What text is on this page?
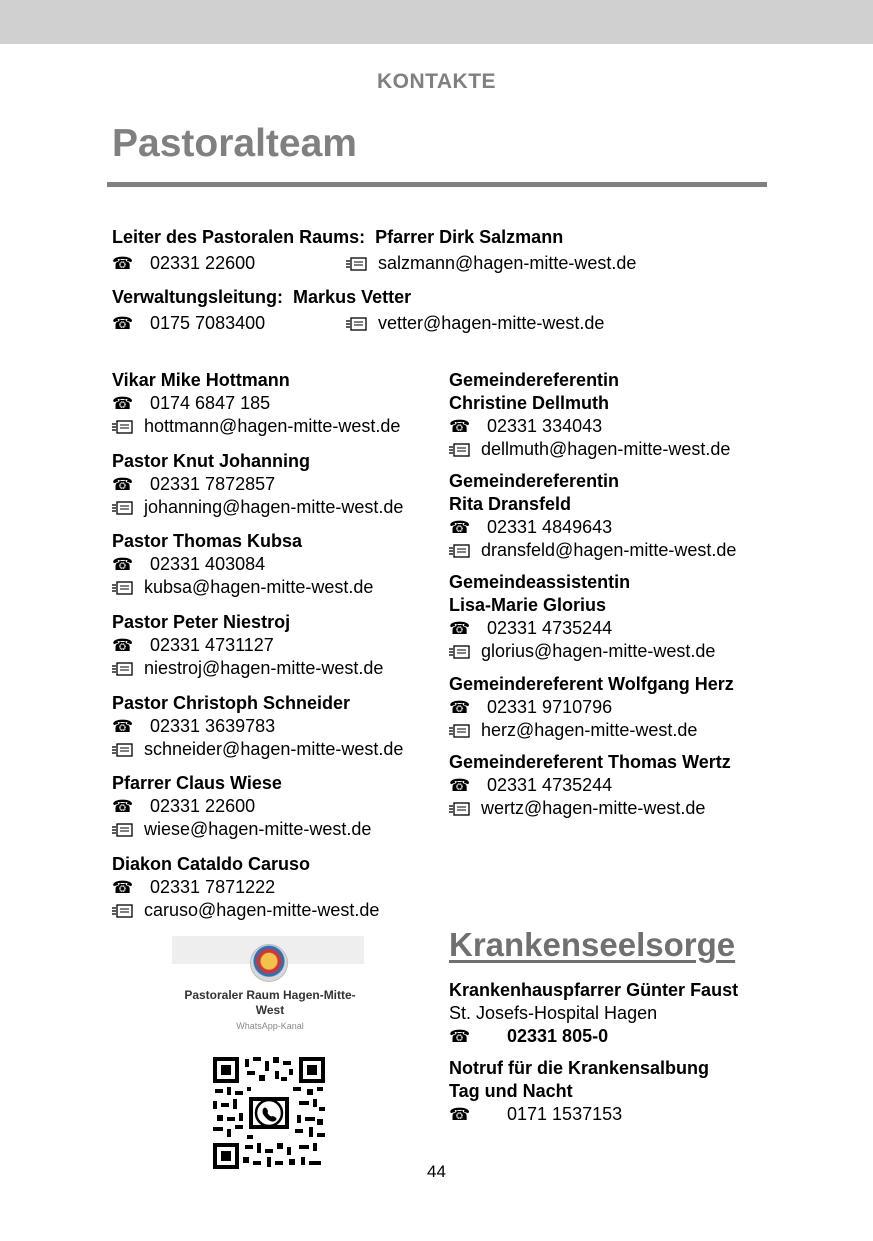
KONTAKTE
Pastoralteam
Leiter des Pastoralen Raums: Pfarrer Dirk Salzmann
☎ 02331 22600	salzmann@hagen-mitte-west.de
Verwaltungsleitung: Markus Vetter
☎ 0175 7083400	vetter@hagen-mitte-west.de
Vikar Mike Hottmann
☎ 0174 6847 185
hottmann@hagen-mitte-west.de
Pastor Knut Johanning
☎ 02331 7872857
johanning@hagen-mitte-west.de
Pastor Thomas Kubsa
☎ 02331 403084
kubsa@hagen-mitte-west.de
Pastor Peter Niestroj
☎ 02331 4731127
niestroj@hagen-mitte-west.de
Pastor Christoph Schneider
☎ 02331 3639783
schneider@hagen-mitte-west.de
Pfarrer Claus Wiese
☎ 02331 22600
wiese@hagen-mitte-west.de
Diakon Cataldo Caruso
☎ 02331 7871222
caruso@hagen-mitte-west.de
Gemeindereferentin
Christine Dellmuth
☎ 02331 334043
dellmuth@hagen-mitte-west.de
Gemeindereferentin
Rita Dransfeld
☎ 02331 4849643
dransfeld@hagen-mitte-west.de
Gemeindeassistentin
Lisa-Marie Glorius
☎ 02331 4735244
glorius@hagen-mitte-west.de
Gemeindereferent Wolfgang Herz
☎ 02331 9710796
herz@hagen-mitte-west.de
Gemeindereferent Thomas Wertz
☎ 02331 4735244
wertz@hagen-mitte-west.de
Pastoraler Raum Hagen-Mitte-West
WhatsApp-Kanal
Krankenseelsorge
Krankenhauspfarrer Günter Faust
St. Josefs-Hospital Hagen
☎ 02331 805-0
Notruf für die Krankensalbung
Tag und Nacht
☎ 0171 1537153
44
